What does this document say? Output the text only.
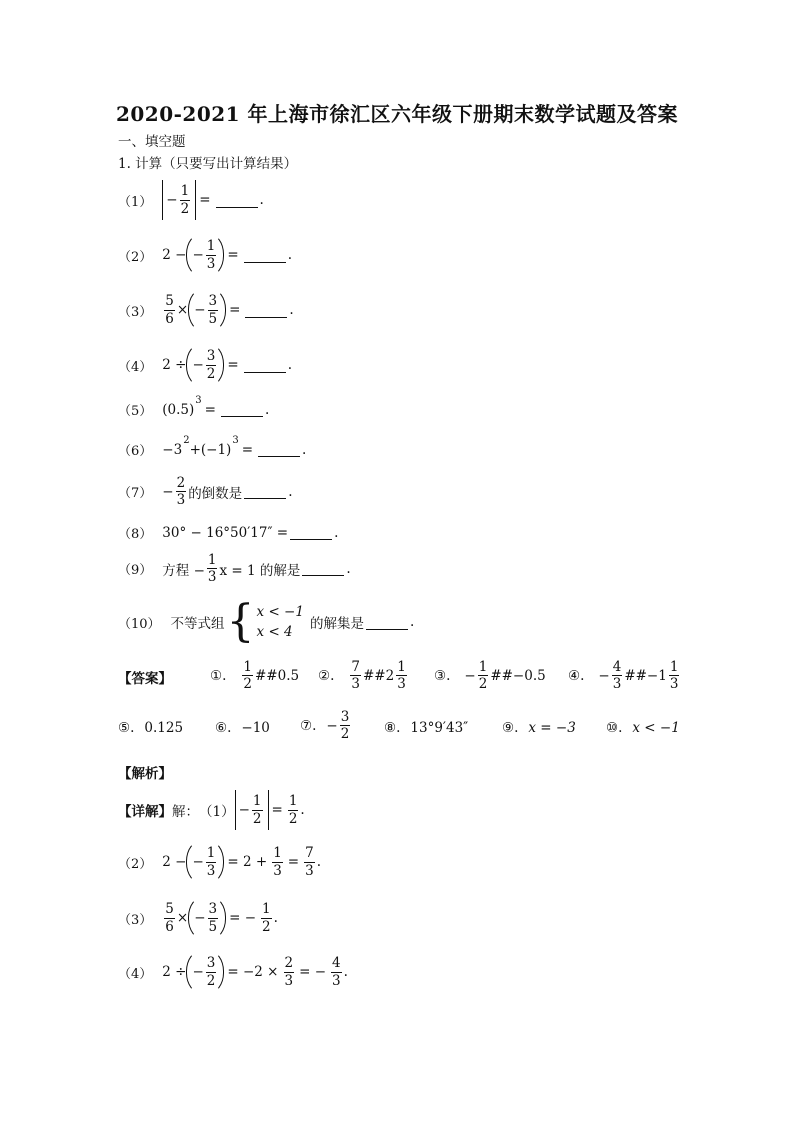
2020-2021 年上海市徐汇区六年级下册期末数学试题及答案
一、填空题
1. 计算（只要写出计算结果）
$(1) - \frac{1}{2}$ =	.
（2） 2 − − $\frac{1}{3}$ =	.
$(3) \frac{5}{6}$ × − $\frac{3}{5}$ =	.
（4） 2 ÷ − $\frac{3}{2}$ =	.
（5） (0.5)
3
=	.
（6） −3
2
+(−1)
3
=	.
$(7) - \frac{2}{3}$ 的倒数是	.
（8） 30° − 16°50′17″ =	.
（9） 方程 − $\frac{1}{3}$ x = 1 的解是	.
（10） 不等式组 { x < −1
x < 4	的解集是	.
【答案】	①. $\frac{1}{2}$ ##0.5 ②. $\frac{7}{3}$ ##2 $\frac{1}{3}$ ③. − $\frac{1}{2}$ ##−0.5 ④. − $\frac{4}{3}$ ##−1 $\frac{1}{3}$
⑤. 0.125 ⑥. −10 ⑦. − $\frac{3}{2}$ ⑧. 13°9′43″	⑨. x = −3 ⑩. x < −1
【解析】
【详解】 解： $(1) - \frac{1}{2} = \frac{1}{2}$ .
（2） 2 − − $\frac{1}{3} = 2 + \frac{1}{3} = \frac{7}{3}$ .
$(3) \frac{5}{6}$ × − $\frac{3}{5}$ = − $\frac{1}{2}$ .
（4） 2 ÷ − $\frac{3}{2} = -2 \times \frac{2}{3}$ = − $\frac{4}{3}$ .
